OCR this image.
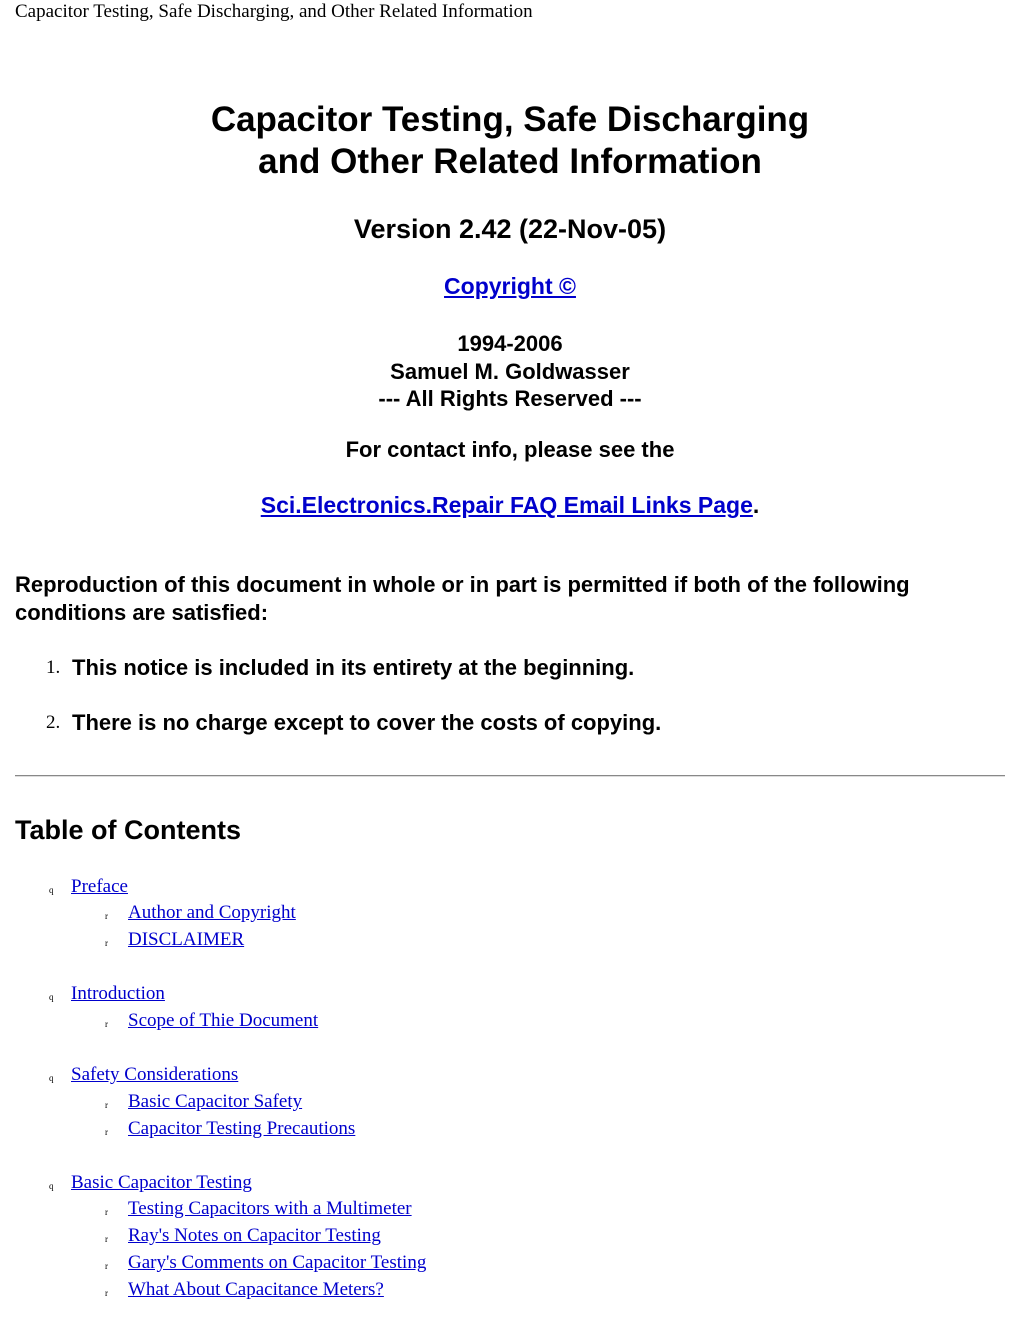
Capacitor Testing, Safe Discharging, and Other Related Information
Capacitor Testing, Safe Discharging
and Other Related Information
Version 2.42 (22-Nov-05)
Copyright ©
1994-2006
Samuel M. Goldwasser
--- All Rights Reserved ---
For contact info, please see the
Sci.Electronics.Repair FAQ Email Links Page.
Reproduction of this document in whole or in part is permitted if both of the following conditions are satisfied:
1. This notice is included in its entirety at the beginning.
2. There is no charge except to cover the costs of copying.
Table of Contents
q Preface
r Author and Copyright
r DISCLAIMER
q Introduction
r Scope of Thie Document
q Safety Considerations
r Basic Capacitor Safety
r Capacitor Testing Precautions
q Basic Capacitor Testing
r Testing Capacitors with a Multimeter
r Ray's Notes on Capacitor Testing
r Gary's Comments on Capacitor Testing
r What About Capacitance Meters?
